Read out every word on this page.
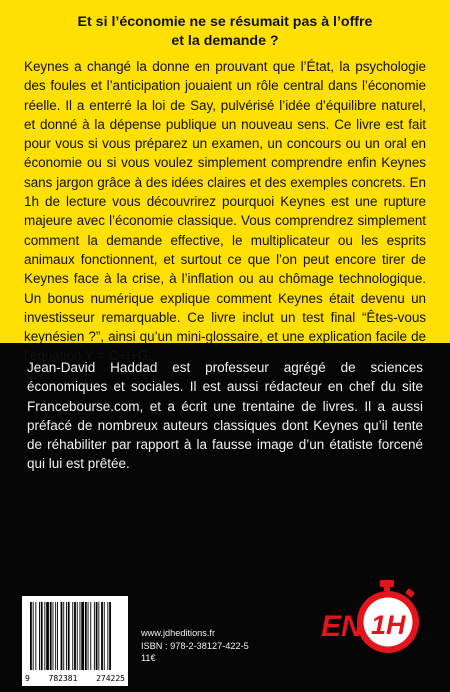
Et si l’économie ne se résumait pas à l’offre
et la demande ?

Keynes a changé la donne en prouvant que l’État, la psychologie des foules et l’anticipation jouaient un rôle central dans l’économie réelle. Il a enterré la loi de Say, pulvérisé l’idée d’équilibre naturel, et donné à la dépense publique un nouveau sens. Ce livre est fait pour vous si vous préparez un examen, un concours ou un oral en économie ou si vous voulez simplement comprendre enfin Keynes sans jargon grâce à des idées claires et des exemples concrets. En 1h de lecture vous découvrirez pourquoi Keynes est une rupture majeure avec l’économie classique. Vous comprendrez simplement comment la demande effective, le multiplicateur ou les esprits animaux fonctionnent, et surtout ce que l’on peut encore tirer de Keynes face à la crise, à l’inflation ou au chômage technologique. Un bonus numérique explique comment Keynes était devenu un investisseur remarquable. Ce livre inclut un test final “Êtes-vous keynésien ?”, ainsi qu’un mini-glossaire, et une explication facile de l’équation Y = C+I+G.

Jean-David Haddad est professeur agrégé de sciences économiques et sociales. Il est aussi rédacteur en chef du site Francebourse.com, et a écrit une trentaine de livres. Il a aussi préfacé de nombreux auteurs classiques dont Keynes qu’il tente de réhabiliter par rapport à la fausse image d’un étatiste forcené qui lui est prêtée.

9 782381 274225
www.jdheditions.fr
ISBN : 978-2-38127-422-5
11€
EN 1H
